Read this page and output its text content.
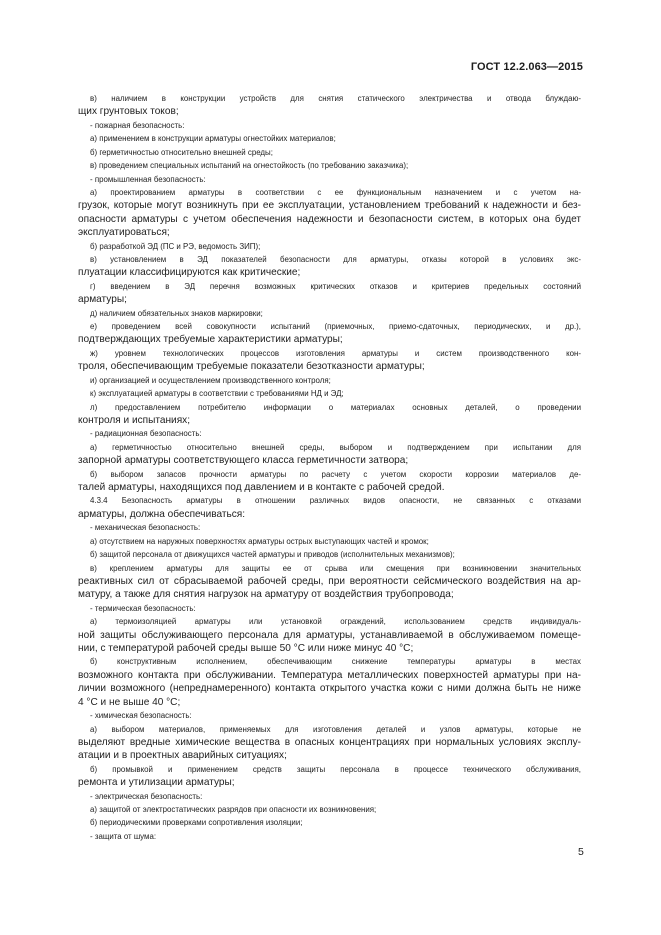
ГОСТ 12.2.063—2015
в) наличием в конструкции устройств для снятия статического электричества и отвода блуждаю-
щих грунтовых токов;
- пожарная безопасность:
а) применением в конструкции арматуры огнестойких материалов;
б) герметичностью относительно внешней среды;
в) проведением специальных испытаний на огнестойкость (по требованию заказчика);
- промышленная безопасность:
а) проектированием арматуры в соответствии с ее функциональным назначением и с учетом на-
грузок, которые могут возникнуть при ее эксплуатации, установлением требований к надежности и без-
опасности арматуры с учетом обеспечения надежности и безопасности систем, в которых она будет
эксплуатироваться;
б) разработкой ЭД (ПС и РЭ, ведомость ЗИП);
в) установлением в ЭД показателей безопасности для арматуры, отказы которой в условиях экс-
плуатации классифицируются как критические;
г) введением в ЭД перечня возможных критических отказов и критериев предельных состояний
арматуры;
д) наличием обязательных знаков маркировки;
е) проведением всей совокупности испытаний (приемочных, приемо-сдаточных, периодических, и др.),
подтверждающих требуемые характеристики арматуры;
ж) уровнем технологических процессов изготовления арматуры и систем производственного кон-
троля, обеспечивающим требуемые показатели безотказности арматуры;
и) организацией и осуществлением производственного контроля;
к) эксплуатацией арматуры в соответствии с требованиями НД и ЭД;
л) предоставлением потребителю информации о материалах основных деталей, о проведении
контроля и испытаниях;
- радиационная безопасность:
а) герметичностью относительно внешней среды, выбором и подтверждением при испытании для
запорной арматуры соответствующего класса герметичности затвора;
б) выбором запасов прочности арматуры по расчету с учетом скорости коррозии материалов де-
талей арматуры, находящихся под давлением и в контакте с рабочей средой.
4.3.4 Безопасность арматуры в отношении различных видов опасности, не связанных с отказами
арматуры, должна обеспечиваться:
- механическая безопасность:
а) отсутствием на наружных поверхностях арматуры острых выступающих частей и кромок;
б) защитой персонала от движущихся частей арматуры и приводов (исполнительных механизмов);
в) креплением арматуры для защиты ее от срыва или смещения при возникновении значительных
реактивных сил от сбрасываемой рабочей среды, при вероятности сейсмического воздействия на ар-
матуру, а также для снятия нагрузок на арматуру от воздействия трубопровода;
- термическая безопасность:
а) термоизоляцией арматуры или установкой ограждений, использованием средств индивидуаль-
ной защиты обслуживающего персонала для арматуры, устанавливаемой в обслуживаемом помеще-
нии, с температурой рабочей среды выше 50 °С или ниже минус 40 °С;
б) конструктивным исполнением, обеспечивающим снижение температуры арматуры в местах
возможного контакта при обслуживании. Температура металлических поверхностей арматуры при на-
личии возможного (непреднамеренного) контакта открытого участка кожи с ними должна быть не ниже
4 °С и не выше 40 °С;
- химическая безопасность:
а) выбором материалов, применяемых для изготовления деталей и узлов арматуры, которые не
выделяют вредные химические вещества в опасных концентрациях при нормальных условиях эксплу-
атации и в проектных аварийных ситуациях;
б) промывкой и применением средств защиты персонала в процессе технического обслуживания,
ремонта и утилизации арматуры;
- электрическая безопасность:
а) защитой от электростатических разрядов при опасности их возникновения;
б) периодическими проверками сопротивления изоляции;
- защита от шума:
5
